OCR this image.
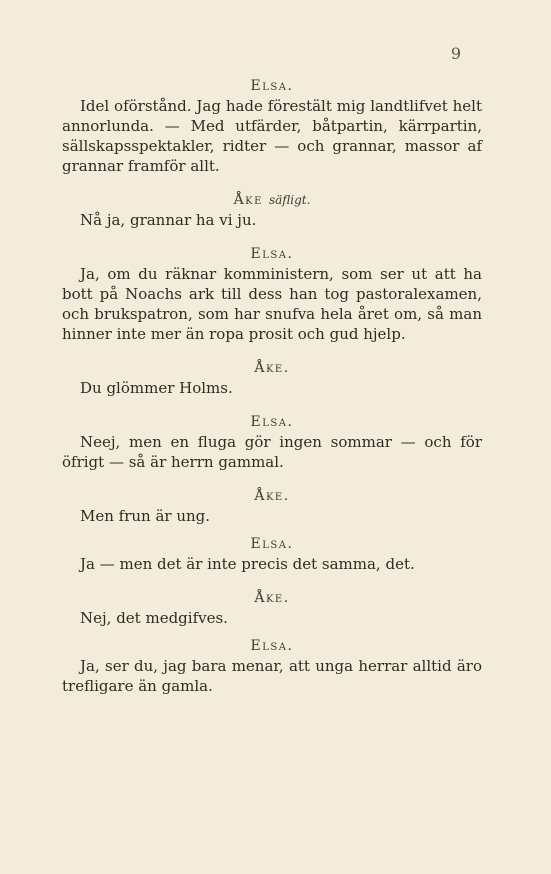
9
Elsa.

Idel oförstånd. Jag hade förestält mig landtlifvet helt annorlunda. — Med utfärder, båtpartin, kärrpartin, sällskapsspektakler, ridter — och grannar, massor af grannar framför allt.

Åke säfligt.

Nå ja, grannar ha vi ju.

Elsa.

Ja, om du räknar komministern, som ser ut att ha bott på Noachs ark till dess han tog pastoralexamen, och brukspatron, som har snufva hela året om, så man hinner inte mer än ropa prosit och gud hjelp.

Åke.

Du glömmer Holms.

Elsa.

Neej, men en fluga gör ingen sommar — och för öfrigt — så är herrn gammal.

Åke.

Men frun är ung.

Elsa.

Ja — men det är inte precis det samma, det.

Åke.

Nej, det medgifves.

Elsa.

Ja, ser du, jag bara menar, att unga herrar alltid äro trefligare än gamla.
